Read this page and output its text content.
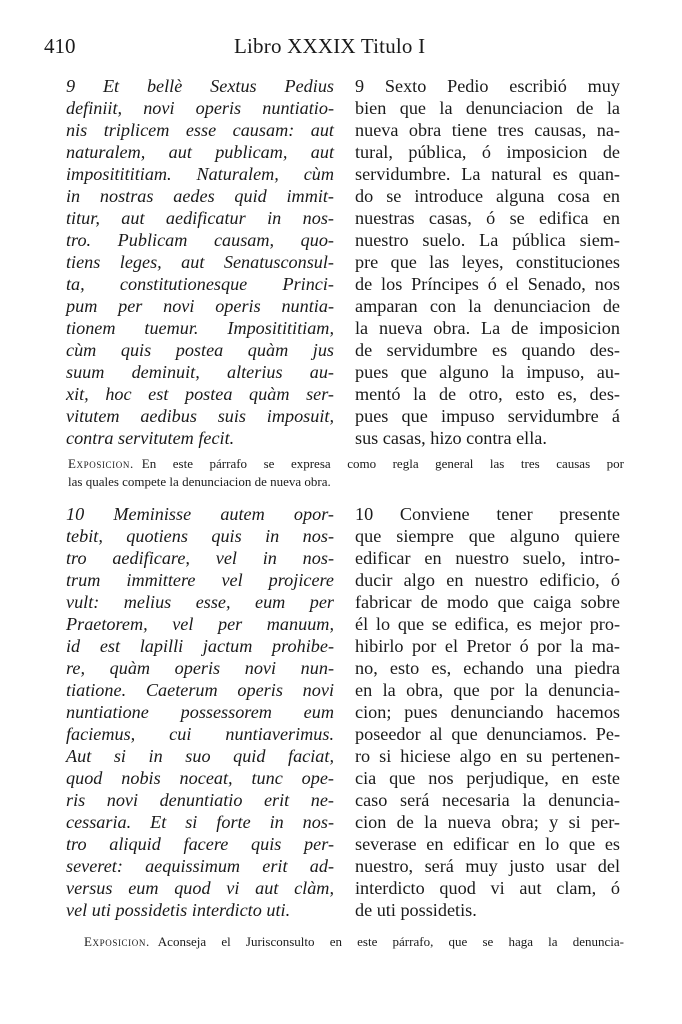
410	Libro XXXIX Titulo I
9 Et bellè Sextus Pedius
definiit, novi operis nuntiatio-
nis triplicem esse causam: aut
naturalem, aut publicam, aut
impositititiam. Naturalem, cùm
in nostras aedes quid immit-
titur, aut aedificatur in nos-
tro. Publicam causam, quo-
tiens leges, aut Senatusconsul-
ta, constitutionesque Princi-
pum per novi operis nuntia-
tionem tuemur. Impositititiam,
cùm quis postea quàm jus
suum deminuit, alterius au-
xit, hoc est postea quàm ser-
vitutem aedibus suis imposuit,
contra servitutem fecit.
9 Sexto Pedio escribió muy
bien que la denunciacion de la
nueva obra tiene tres causas, na-
tural, pública, ó imposicion de
servidumbre. La natural es quan-
do se introduce alguna cosa en
nuestras casas, ó se edifica en
nuestro suelo. La pública siem-
pre que las leyes, constituciones
de los Príncipes ó el Senado, nos
amparan con la denunciacion de
la nueva obra. La de imposicion
de servidumbre es quando des-
pues que alguno la impuso, au-
mentó la de otro, esto es, des-
pues que impuso servidumbre á
sus casas, hizo contra ella.
Exposicion. En este párrafo se expresa como regla general las tres causas por
las quales compete la denunciacion de nueva obra.
10 Meminisse autem opor-
tebit, quotiens quis in nos-
tro aedificare, vel in nos-
trum immittere vel projicere
vult: melius esse, eum per
Praetorem, vel per manuum,
id est lapilli jactum prohibe-
re, quàm operis novi nun-
tiatione. Caeterum operis novi
nuntiatione possessorem eum
faciemus, cui nuntiaverimus.
Aut si in suo quid faciat,
quod nobis noceat, tunc ope-
ris novi denuntiatio erit ne-
cessaria. Et si forte in nos-
tro aliquid facere quis per-
severet: aequissimum erit ad-
versus eum quod vi aut clàm,
vel uti possidetis interdicto uti.
10 Conviene tener presente
que siempre que alguno quiere
edificar en nuestro suelo, intro-
ducir algo en nuestro edificio, ó
fabricar de modo que caiga sobre
él lo que se edifica, es mejor pro-
hibirlo por el Pretor ó por la ma-
no, esto es, echando una piedra
en la obra, que por la denuncia-
cion; pues denunciando hacemos
poseedor al que denunciamos. Pe-
ro si hiciese algo en su pertenen-
cia que nos perjudique, en este
caso será necesaria la denuncia-
cion de la nueva obra; y si per-
severase en edificar en lo que es
nuestro, será muy justo usar del
interdicto quod vi aut clam, ó
de uti possidetis.
Exposicion. Aconseja el Jurisconsulto en este párrafo, que se haga la denuncia-
